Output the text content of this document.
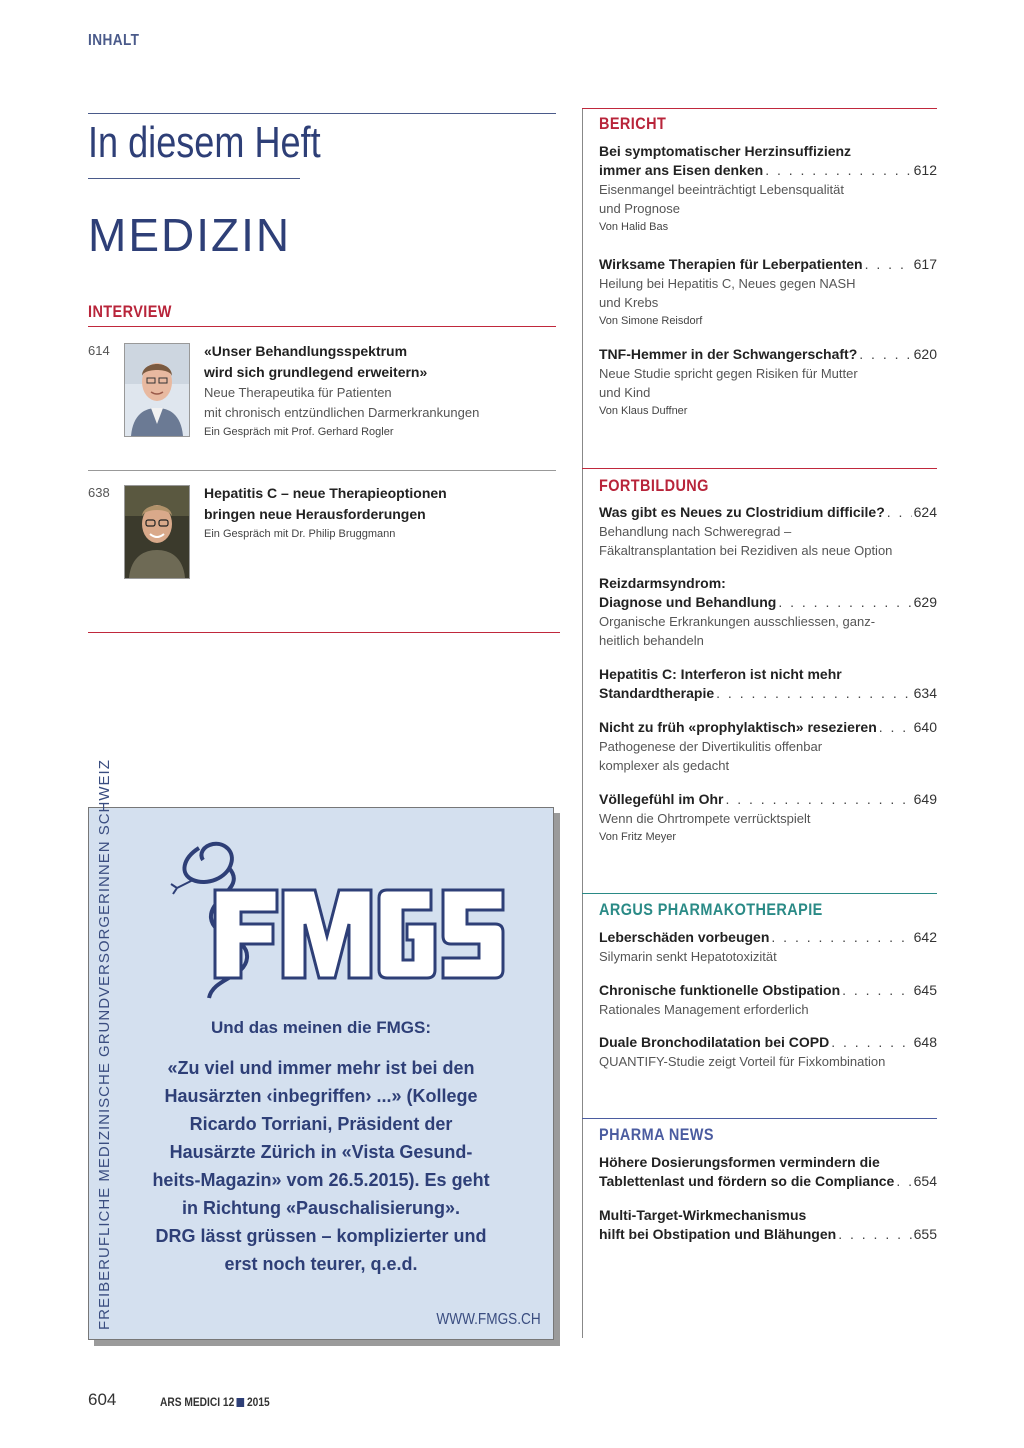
INHALT
In diesem Heft
MEDIZIN
INTERVIEW
614	«Unser Behandlungsspektrum
wird sich grundlegend erweitern»
Neue Therapeutika für Patienten
mit chronisch entzündlichen Darmerkrankungen
Ein Gespräch mit Prof. Gerhard Rogler
638	Hepatitis C – neue Therapieoptionen
bringen neue Herausforderungen
Ein Gespräch mit Dr. Philip Bruggmann
Und das meinen die FMGS:
«Zu viel und immer mehr ist bei den
Hausärzten ‹inbegriffen› ...» (Kollege
Ricardo Torriani, Präsident der
Hausärzte Zürich in «Vista Gesund-
heits-Magazin» vom 26.5.2015). Es geht
in Richtung «Pauschalisierung».
DRG lässt grüssen – komplizierter und
erst noch teurer, q.e.d.
WWW.FMGS.CH
FREIBERUFLICHE MEDIZINISCHE GRUNDVERSORGERINNEN SCHWEIZ
BERICHT
Bei symptomatischer Herzinsuffizienz
immer ans Eisen denken . . .	612
Eisenmangel beeinträchtigt Lebensqualität
und Prognose
Von Halid Bas
Wirksame Therapien für Leberpatienten . . .	617
Heilung bei Hepatitis C, Neues gegen NASH
und Krebs
Von Simone Reisdorf
TNF-Hemmer in der Schwangerschaft? . . .	620
Neue Studie spricht gegen Risiken für Mutter
und Kind
Von Klaus Duffner
FORTBILDUNG
Was gibt es Neues zu Clostridium difficile? . . . 624
Behandlung nach Schweregrad –
Fäkaltransplantation bei Rezidiven als neue Option
Reizdarmsyndrom:
Diagnose und Behandlung . . .	629
Organische Erkrankungen ausschliessen, ganz-
heitlich behandeln
Hepatitis C: Interferon ist nicht mehr
Standardtherapie . . .	634
Nicht zu früh «prophylaktisch» resezieren . . .	640
Pathogenese der Divertikulitis offenbar
komplexer als gedacht
Völlegefühl im Ohr . . .	649
Wenn die Ohrtrompete verrücktspielt
Von Fritz Meyer
ARGUS PHARMAKOTHERAPIE
Leberschäden vorbeugen . . .	642
Silymarin senkt Hepatotoxizität
Chronische funktionelle Obstipation . . .	645
Rationales Management erforderlich
Duale Bronchodilatation bei COPD . . .	648
QUANTIFY-Studie zeigt Vorteil für Fixkombination
PHARMA NEWS
Höhere Dosierungsformen vermindern die
Tablettenlast und fördern so die Compliance . . . 654
Multi-Target-Wirkmechanismus
hilft bei Obstipation und Blähungen . . .	655
604	ARS MEDICI 12 2015
